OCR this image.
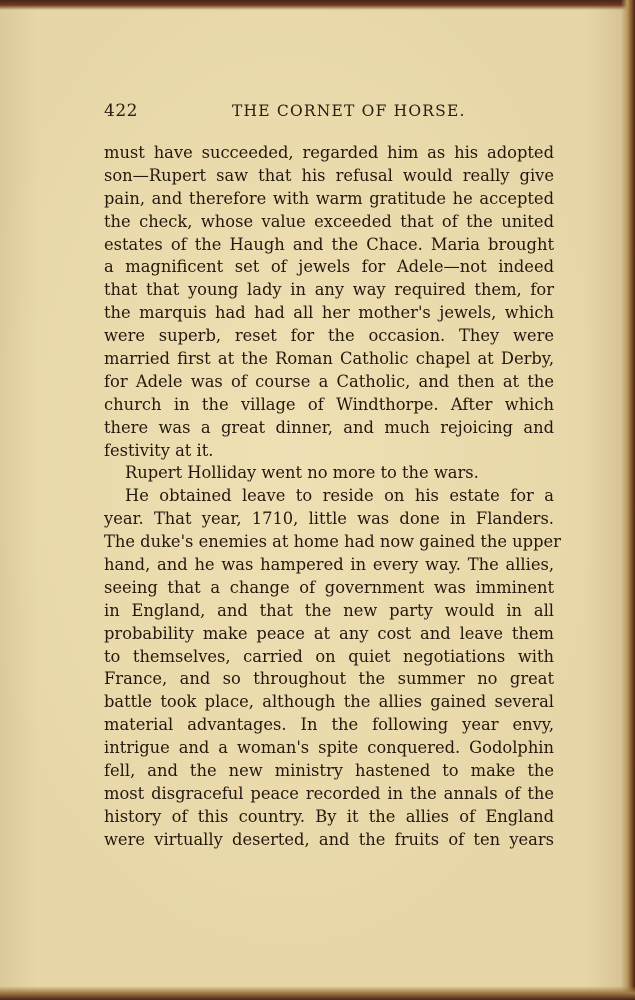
422	THE CORNET OF HORSE.
must have succeeded, regarded him as his adopted
son—Rupert saw that his refusal would really give
pain, and therefore with warm gratitude he accepted
the check, whose value exceeded that of the united
estates of the Haugh and the Chace. Maria brought
a magnificent set of jewels for Adele—not indeed
that that young lady in any way required them, for
the marquis had had all her mother's jewels, which
were superb, reset for the occasion. They were
married first at the Roman Catholic chapel at Derby,
for Adele was of course a Catholic, and then at the
church in the village of Windthorpe. After which
there was a great dinner, and much rejoicing and
festivity at it.
Rupert Holliday went no more to the wars.
He obtained leave to reside on his estate for a
year. That year, 1710, little was done in Flanders.
The duke's enemies at home had now gained the upper
hand, and he was hampered in every way. The allies,
seeing that a change of government was imminent
in England, and that the new party would in all
probability make peace at any cost and leave them
to themselves, carried on quiet negotiations with
France, and so throughout the summer no great
battle took place, although the allies gained several
material advantages. In the following year envy,
intrigue and a woman's spite conquered. Godolphin
fell, and the new ministry hastened to make the
most disgraceful peace recorded in the annals of the
history of this country. By it the allies of England
were virtually deserted, and the fruits of ten years
